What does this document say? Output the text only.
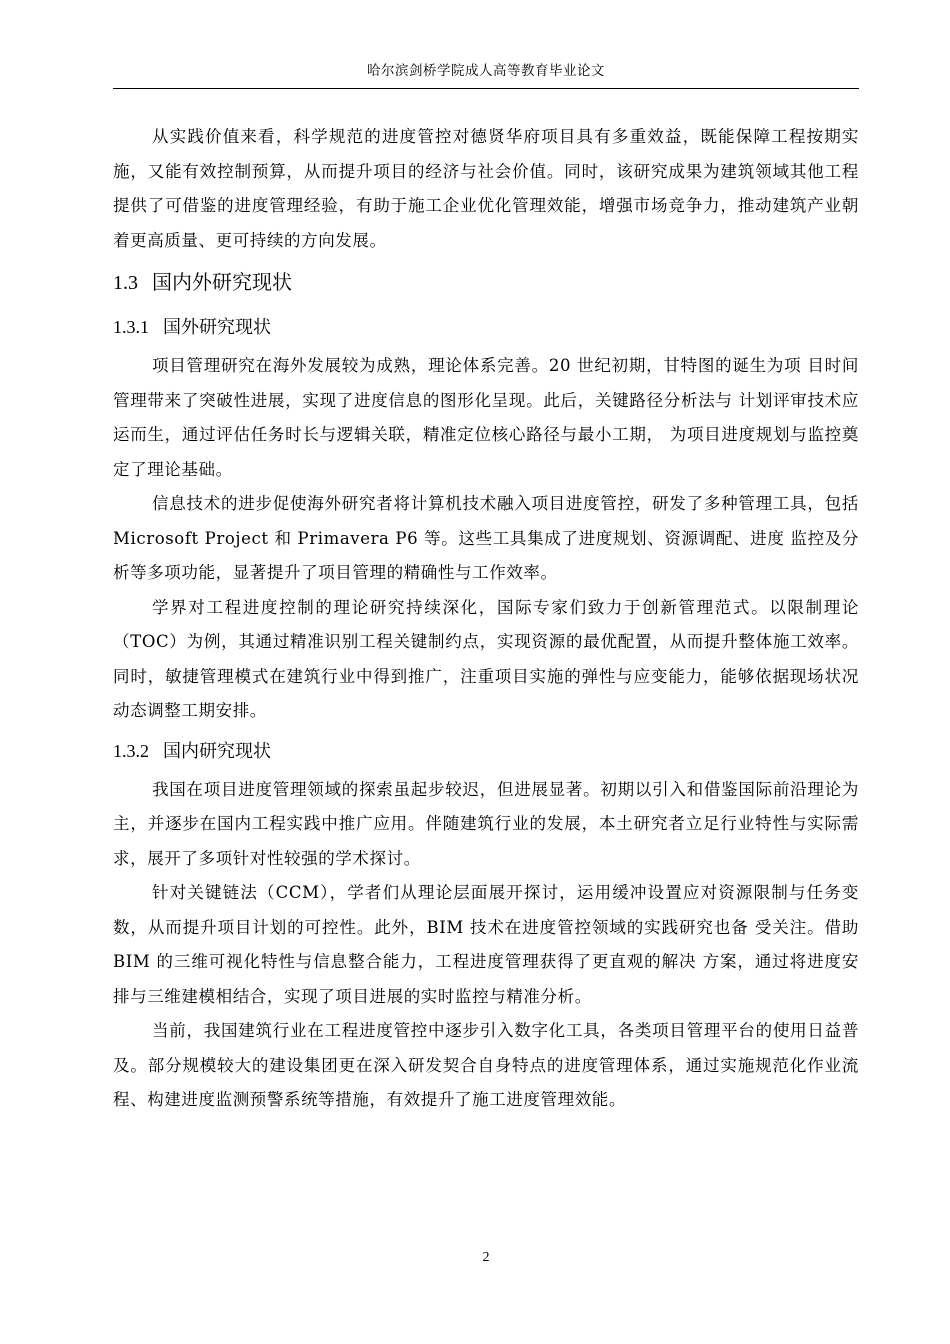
哈尔滨剑桥学院成人高等教育毕业论文

从实践价值来看，科学规范的进度管控对德贤华府项目具有多重效益，既能保障工程按期实施，又能有效控制预算，从而提升项目的经济与社会价值。同时，该研究成果为建筑领域其他工程提供了可借鉴的进度管理经验，有助于施工企业优化管理效能，增强市场竞争力，推动建筑产业朝着更高质量、更可持续的方向发展。

1.3 国内外研究现状
1.3.1 国外研究现状

项目管理研究在海外发展较为成熟，理论体系完善。20 世纪初期，甘特图的诞生为项 目时间管理带来了突破性进展，实现了进度信息的图形化呈现。此后，关键路径分析法与 计划评审技术应运而生，通过评估任务时长与逻辑关联，精准定位核心路径与最小工期， 为项目进度规划与监控奠定了理论基础。

信息技术的进步促使海外研究者将计算机技术融入项目进度管控，研发了多种管理工具，包括 Microsoft Project 和 Primavera P6 等。这些工具集成了进度规划、资源调配、进度 监控及分析等多项功能，显著提升了项目管理的精确性与工作效率。

学界对工程进度控制的理论研究持续深化，国际专家们致力于创新管理范式。以限制理论（TOC）为例，其通过精准识别工程关键制约点，实现资源的最优配置，从而提升整体施工效率。同时，敏捷管理模式在建筑行业中得到推广，注重项目实施的弹性与应变能力，能够依据现场状况动态调整工期安排。

1.3.2 国内研究现状

我国在项目进度管理领域的探索虽起步较迟，但进展显著。初期以引入和借鉴国际前沿理论为主，并逐步在国内工程实践中推广应用。伴随建筑行业的发展，本土研究者立足行业特性与实际需求，展开了多项针对性较强的学术探讨。

针对关键链法（CCM），学者们从理论层面展开探讨，运用缓冲设置应对资源限制与任务变数，从而提升项目计划的可控性。此外，BIM 技术在进度管控领域的实践研究也备 受关注。借助 BIM 的三维可视化特性与信息整合能力，工程进度管理获得了更直观的解决 方案，通过将进度安排与三维建模相结合，实现了项目进展的实时监控与精准分析。

当前，我国建筑行业在工程进度管控中逐步引入数字化工具，各类项目管理平台的使用日益普及。部分规模较大的建设集团更在深入研发契合自身特点的进度管理体系，通过实施规范化作业流程、构建进度监测预警系统等措施，有效提升了施工进度管理效能。

2
